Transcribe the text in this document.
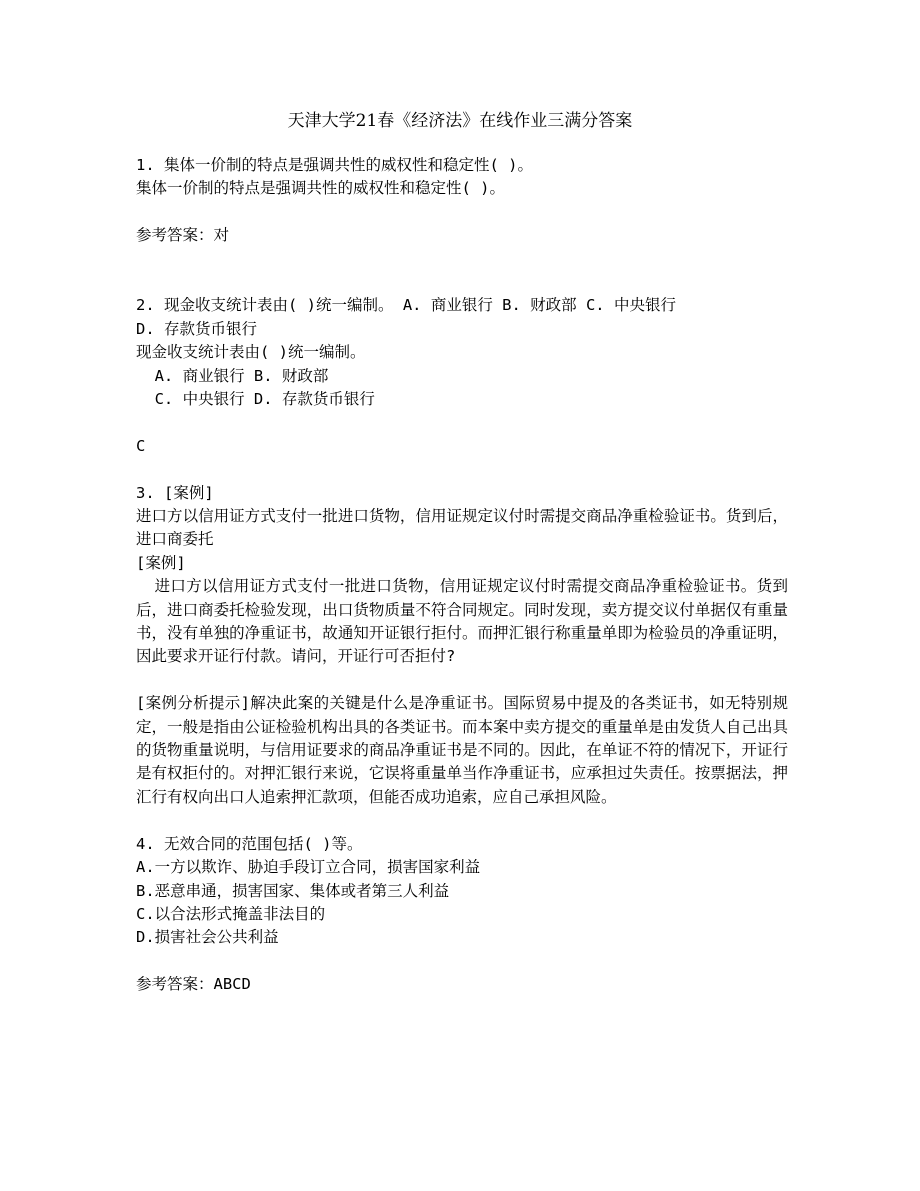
天津大学21春《经济法》在线作业三满分答案
1. 集体一价制的特点是强调共性的威权性和稳定性( )。
集体一价制的特点是强调共性的威权性和稳定性( )。
参考答案：对
2. 现金收支统计表由( )统一编制。 A. 商业银行 B. 财政部 C. 中央银行
D. 存款货币银行
现金收支统计表由( )统一编制。
A. 商业银行 B. 财政部
C. 中央银行 D. 存款货币银行
C
3. [案例]
进口方以信用证方式支付一批进口货物，信用证规定议付时需提交商品净重检验证书。货到后，进口商委托
[案例]
进口方以信用证方式支付一批进口货物，信用证规定议付时需提交商品净重检验证书。货到后，进口商委托检验发现，出口货物质量不符合同规定。同时发现，卖方提交议付单据仅有重量书，没有单独的净重证书，故通知开证银行拒付。而押汇银行称重量单即为检验员的净重证明，因此要求开证行付款。请问，开证行可否拒付?
[案例分析提示]解决此案的关键是什么是净重证书。国际贸易中提及的各类证书，如无特别规定，一般是指由公证检验机构出具的各类证书。而本案中卖方提交的重量单是由发货人自己出具的货物重量说明，与信用证要求的商品净重证书是不同的。因此，在单证不符的情况下，开证行是有权拒付的。对押汇银行来说，它误将重量单当作净重证书，应承担过失责任。按票据法，押汇行有权向出口人追索押汇款项，但能否成功追索，应自己承担风险。
4. 无效合同的范围包括( )等。
A.一方以欺诈、胁迫手段订立合同，损害国家利益
B.恶意串通，损害国家、集体或者第三人利益
C.以合法形式掩盖非法目的
D.损害社会公共利益
参考答案：ABCD
